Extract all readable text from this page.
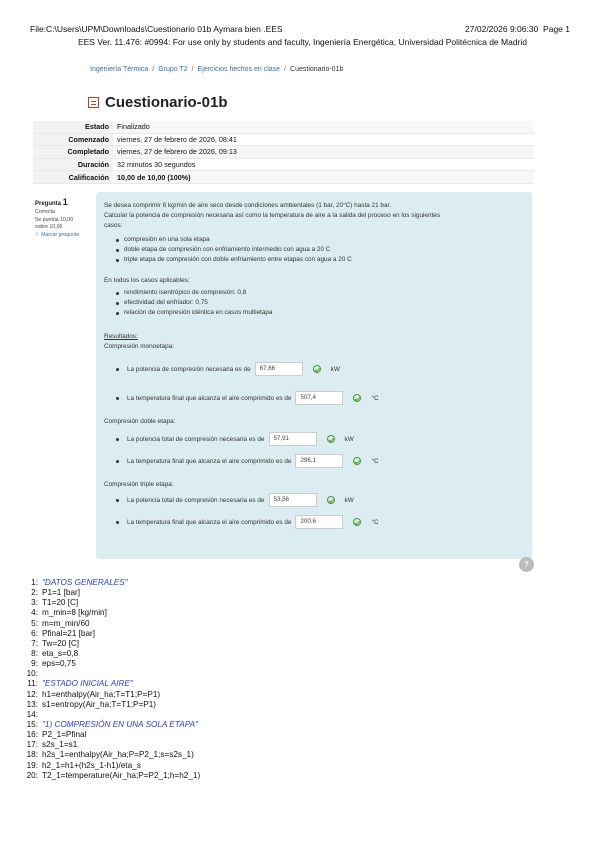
File:C:\Users\UPM\Downloads\Cuestionario 01b Aymara bien .EES	27/02/2026 9:06:30 Page 1
EES Ver. 11.476: #0994: For use only by students and faculty, Ingeniería Energética, Universidad Politécnica de Madrid
Ingeniería Térmica / Grupo T2 / Ejercicios hechos en clase / Cuestionario-01b
Cuestionario-01b
Estado	Finalizado
Comenzado	viernes, 27 de febrero de 2026, 08:41
Completado	viernes, 27 de febrero de 2026, 09:13
Duración	32 minutos 30 segundos
Calificación	10,00 de 10,00 (100%)
Pregunta 1
Correcta
Se puntúa 10,00 sobre 10,00
⚐ Marcar pregunta

Se desea comprimir 8 kg/min de aire seco desde condiciones ambientales (1 bar, 20°C) hasta 21 bar.

Calcular la potencia de compresión necesaria así como la temperatura de aire a la salida del proceso en los siguientes

casos:

compresión en una sola etapa
doble etapa de compresión con enfriamiento intermedio con agua a 20 C
triple etapa de compresión con doble enfriamiento entre etapas con agua a 20 C

En todos los casos aplicables:

rendimiento isentrópico de compresión: 0,8
efectividad del enfriador: 0,75
relación de compresión idéntica en casos multietapa

Resultados:

Compresión monoetapa:

La potencia de compresión necesaria es de	67,66	kW
La temperatura final que alcanza el aire comprimido es de	507,4	°C

Compresión doble etapa:

La potencia total de compresión necesaria es de	57,91	kW
La temperatura final que alcanza el aire comprimido es de	296,1	°C

Compresión triple etapa:

La potencia total de compresión necesaria es de	53,56	kW
La temperatura final que alcanza el aire comprimido es de	200,6	°C
?
1: "DATOS GENERALES"
2: P1=1 [bar]
3: T1=20 [C]
4: m_min=8 [kg/min]
5: m=m_min/60
6: Pfinal=21 [bar]
7: Tw=20 [C]
8: eta_s=0,8
9: eps=0,75
10:
11: "ESTADO INICIAL AIRE"
12: h1=enthalpy(Air_ha;T=T1;P=P1)
13: s1=entropy(Air_ha;T=T1;P=P1)
14:
15: "1) COMPRESIÓN EN UNA SOLA ETAPA"
16: P2_1=Pfinal
17: s2s_1=s1
18: h2s_1=enthalpy(Air_ha;P=P2_1;s=s2s_1)
19: h2_1=h1+(h2s_1-h1)/eta_s
20: T2_1=temperature(Air_ha;P=P2_1;h=h2_1)
